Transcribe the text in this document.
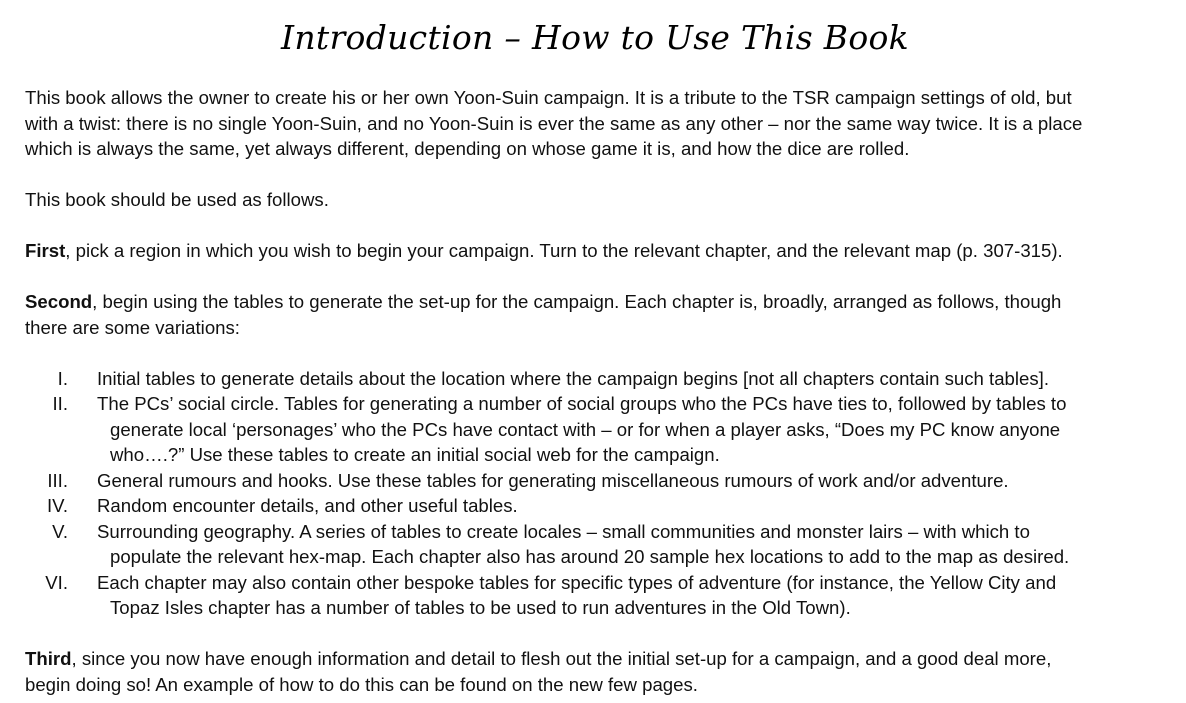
Introduction – How to Use This Book

This book allows the owner to create his or her own Yoon-Suin campaign. It is a tribute to the TSR campaign settings of old, but
with a twist: there is no single Yoon-Suin, and no Yoon-Suin is ever the same as any other – nor the same way twice. It is a place
which is always the same, yet always different, depending on whose game it is, and how the dice are rolled.

This book should be used as follows.

First, pick a region in which you wish to begin your campaign. Turn to the relevant chapter, and the relevant map (p. 307-315).

Second, begin using the tables to generate the set-up for the campaign. Each chapter is, broadly, arranged as follows, though
there are some variations:

I. Initial tables to generate details about the location where the campaign begins [not all chapters contain such tables].
II. The PCs’ social circle. Tables for generating a number of social groups who the PCs have ties to, followed by tables to
generate local ‘personages’ who the PCs have contact with – or for when a player asks, “Does my PC know anyone
who….?” Use these tables to create an initial social web for the campaign.
III. General rumours and hooks. Use these tables for generating miscellaneous rumours of work and/or adventure.
IV. Random encounter details, and other useful tables.
V. Surrounding geography. A series of tables to create locales – small communities and monster lairs – with which to
populate the relevant hex-map. Each chapter also has around 20 sample hex locations to add to the map as desired.
VI. Each chapter may also contain other bespoke tables for specific types of adventure (for instance, the Yellow City and
Topaz Isles chapter has a number of tables to be used to run adventures in the Old Town).

Third, since you now have enough information and detail to flesh out the initial set-up for a campaign, and a good deal more,
begin doing so! An example of how to do this can be found on the new few pages.
